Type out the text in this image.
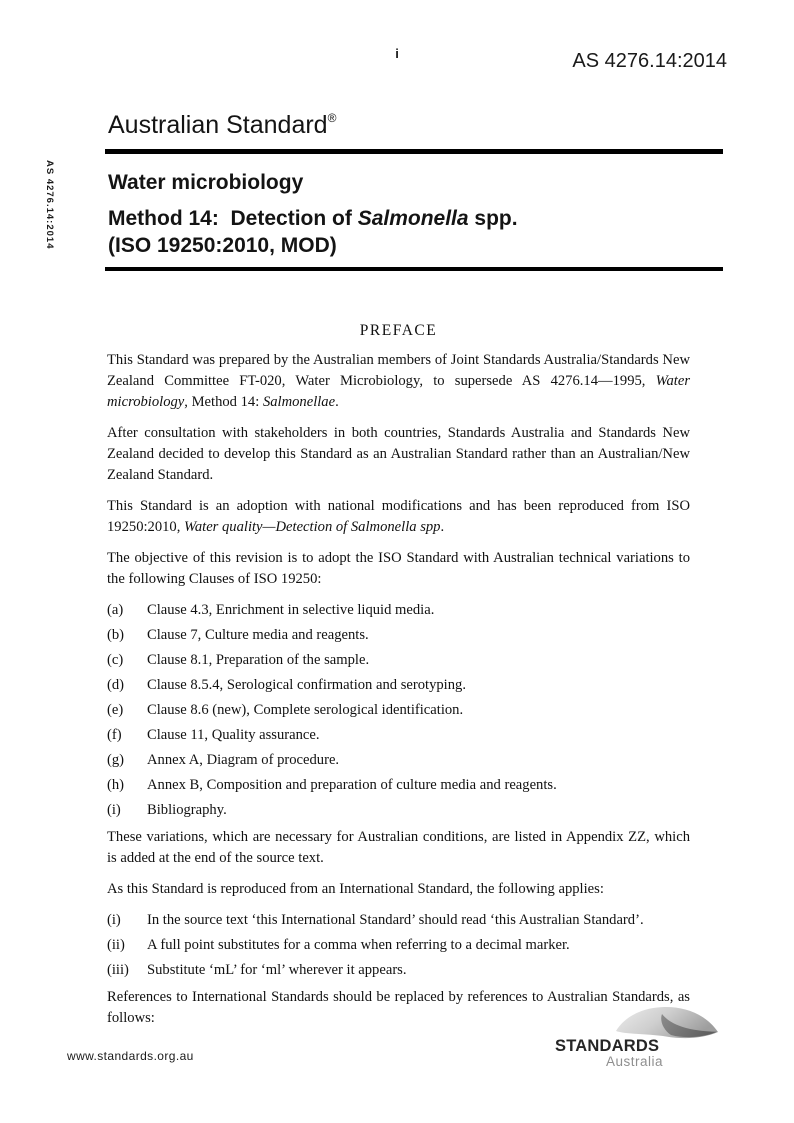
i	AS 4276.14:2014
AS 4276.14:2014
Australian Standard®
Water microbiology
Method 14:  Detection of Salmonella spp.
(ISO 19250:2010, MOD)
PREFACE

This Standard was prepared by the Australian members of Joint Standards Australia/Standards New Zealand Committee FT-020, Water Microbiology, to supersede AS 4276.14—1995, Water microbiology, Method 14: Salmonellae.

After consultation with stakeholders in both countries, Standards Australia and Standards New Zealand decided to develop this Standard as an Australian Standard rather than an Australian/New Zealand Standard.

This Standard is an adoption with national modifications and has been reproduced from ISO 19250:2010, Water quality—Detection of Salmonella spp.

The objective of this revision is to adopt the ISO Standard with Australian technical variations to the following Clauses of ISO 19250:

(a)	Clause 4.3, Enrichment in selective liquid media.
(b)	Clause 7, Culture media and reagents.
(c)	Clause 8.1, Preparation of the sample.
(d)	Clause 8.5.4, Serological confirmation and serotyping.
(e)	Clause 8.6 (new), Complete serological identification.
(f)	Clause 11, Quality assurance.
(g)	Annex A, Diagram of procedure.
(h)	Annex B, Composition and preparation of culture media and reagents.
(i)	Bibliography.

These variations, which are necessary for Australian conditions, are listed in Appendix ZZ, which is added at the end of the source text.

As this Standard is reproduced from an International Standard, the following applies:

(i)	In the source text ‘this International Standard’ should read ‘this Australian Standard’.
(ii)	A full point substitutes for a comma when referring to a decimal marker.
(iii)	Substitute ‘mL’ for ‘ml’ wherever it appears.

References to International Standards should be replaced by references to Australian Standards, as follows:

www.standards.org.au
STANDARDS
Australia
